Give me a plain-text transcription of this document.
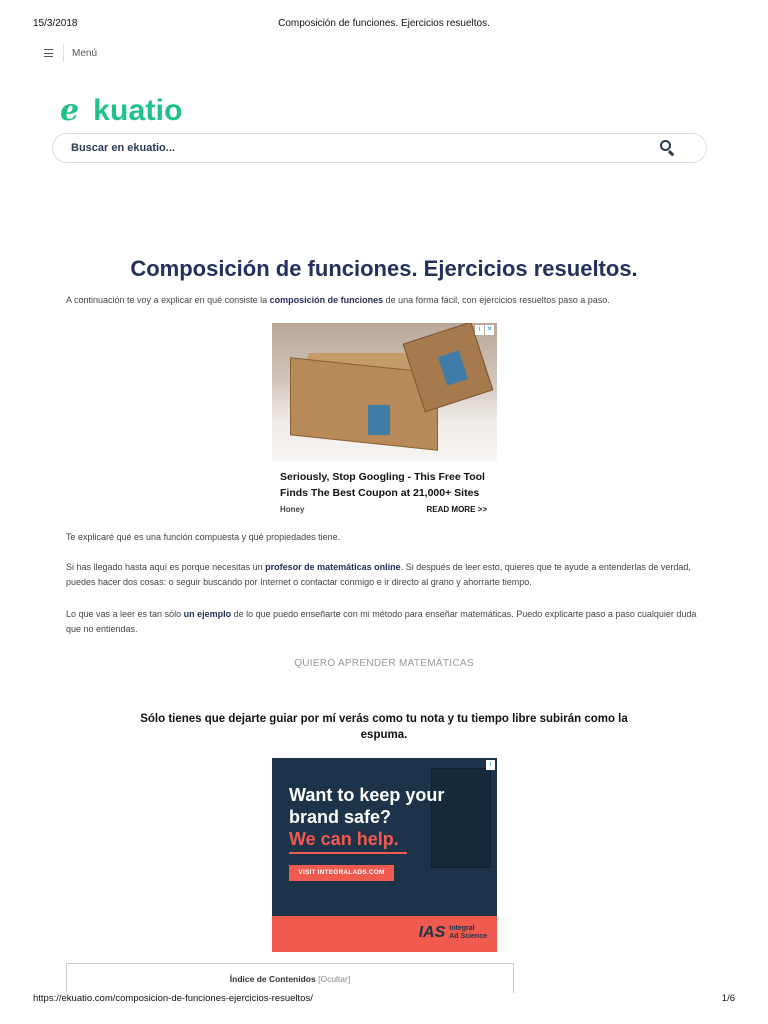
15/3/2018	Composición de funciones. Ejercicios resueltos.
Menú
e kuatio
Buscar en ekuatio...
Composición de funciones. Ejercicios resueltos.

A continuación te voy a explicar en qué consiste la composición de funciones de una forma fácil, con ejercicios resueltos paso a paso.

i ✕
Seriously, Stop Googling - This Free Tool Finds The Best Coupon at 21,000+ Sites
Honey	READ MORE >>

Te explicaré qué es una función compuesta y qué propiedades tiene.

Si has llegado hasta aquí es porque necesitas un profesor de matemáticas online. Si después de leer esto, quieres que te ayude a entenderlas de verdad, puedes hacer dos cosas: o seguir buscando por Internet o contactar conmigo e ir directo al grano y ahorrarte tiempo.

Lo que vas a leer es tan sólo un ejemplo de lo que puedo enseñarte con mi método para enseñar matemáticas. Puedo explicarte paso a paso cualquier duda que no entiendas.

QUIERO APRENDER MATEMÁTICAS
Sólo tienes que dejarte guiar por mí verás como tu nota y tu tiempo libre subirán como la espuma.
i
Want to keep your brand safe?
We can help.
VISIT INTEGRALADS.COM
IAS Integral
Ad Science
Índice de Contenidos [Ocultar]
https://ekuatio.com/composicion-de-funciones-ejercicios-resueltos/	1/6
